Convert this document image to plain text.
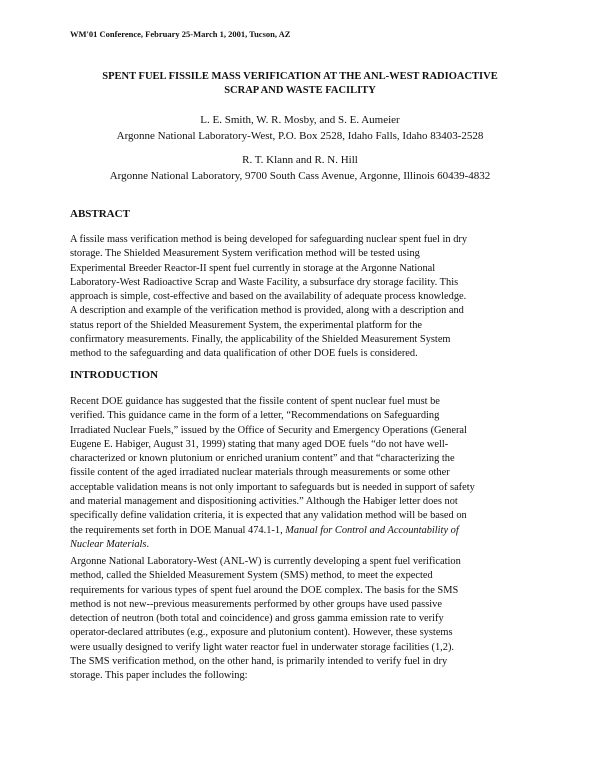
WM'01 Conference, February 25-March 1, 2001, Tucson, AZ
SPENT FUEL FISSILE MASS VERIFICATION AT THE ANL-WEST RADIOACTIVE
SCRAP AND WASTE FACILITY
L. E. Smith, W. R. Mosby, and S. E. Aumeier
Argonne National Laboratory-West, P.O. Box 2528, Idaho Falls, Idaho 83403-2528
R. T. Klann and R. N. Hill
Argonne National Laboratory, 9700 South Cass Avenue, Argonne, Illinois 60439-4832
ABSTRACT
A fissile mass verification method is being developed for safeguarding nuclear spent fuel in dry
storage. The Shielded Measurement System verification method will be tested using
Experimental Breeder Reactor-II spent fuel currently in storage at the Argonne National
Laboratory-West Radioactive Scrap and Waste Facility, a subsurface dry storage facility. This
approach is simple, cost-effective and based on the availability of adequate process knowledge.
A description and example of the verification method is provided, along with a description and
status report of the Shielded Measurement System, the experimental platform for the
confirmatory measurements. Finally, the applicability of the Shielded Measurement System
method to the safeguarding and data qualification of other DOE fuels is considered.
INTRODUCTION
Recent DOE guidance has suggested that the fissile content of spent nuclear fuel must be
verified. This guidance came in the form of a letter, “Recommendations on Safeguarding
Irradiated Nuclear Fuels,” issued by the Office of Security and Emergency Operations (General
Eugene E. Habiger, August 31, 1999) stating that many aged DOE fuels “do not have well-
characterized or known plutonium or enriched uranium content” and that “characterizing the
fissile content of the aged irradiated nuclear materials through measurements or some other
acceptable validation means is not only important to safeguards but is needed in support of safety
and material management and dispositioning activities.” Although the Habiger letter does not
specifically define validation criteria, it is expected that any validation method will be based on
the requirements set forth in DOE Manual 474.1-1, Manual for Control and Accountability of
Nuclear Materials.
Argonne National Laboratory-West (ANL-W) is currently developing a spent fuel verification
method, called the Shielded Measurement System (SMS) method, to meet the expected
requirements for various types of spent fuel around the DOE complex. The basis for the SMS
method is not new--previous measurements performed by other groups have used passive
detection of neutron (both total and coincidence) and gross gamma emission rate to verify
operator-declared attributes (e.g., exposure and plutonium content). However, these systems
were usually designed to verify light water reactor fuel in underwater storage facilities (1,2).
The SMS verification method, on the other hand, is primarily intended to verify fuel in dry
storage. This paper includes the following:
